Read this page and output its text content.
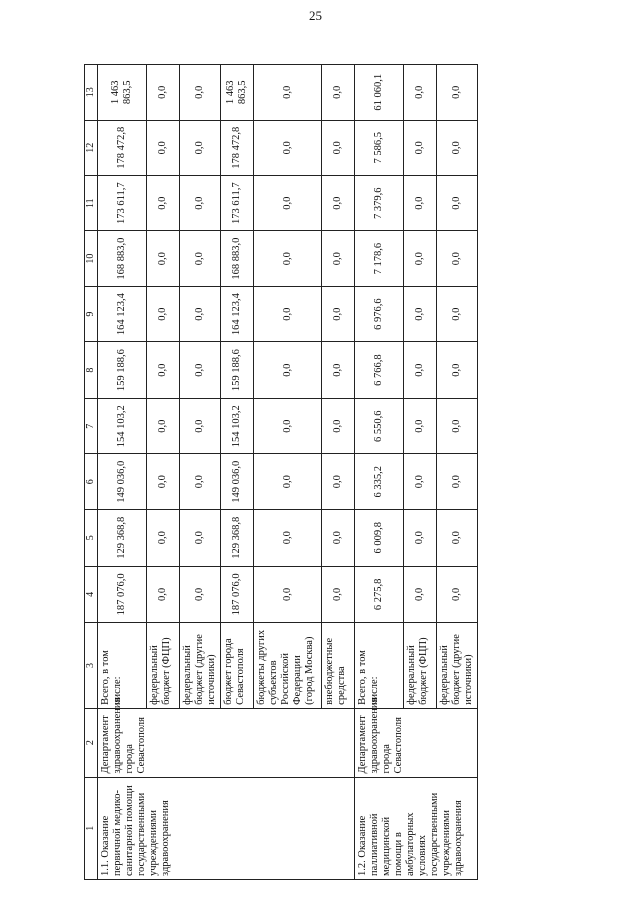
25
1	2	3	4	5	6	7	8	9	10	11	12	13
1.1. Оказание первичной медико-санитарной помощи государственными учреждениями здравоохранения	Департамент здравоохранения города Севастополя	Всего, в том числе:	187 076,0	129 368,8	149 036,0	154 103,2	159 188,6	164 123,4	168 883,0	173 611,7	178 472,8	1 463 863,5
		федеральный бюджет (ФЦП)	0,0	0,0	0,0	0,0	0,0	0,0	0,0	0,0	0,0	0,0
		федеральный бюджет (другие источники)	0,0	0,0	0,0	0,0	0,0	0,0	0,0	0,0	0,0	0,0
		бюджет города Севастополя	187 076,0	129 368,8	149 036,0	154 103,2	159 188,6	164 123,4	168 883,0	173 611,7	178 472,8	1 463 863,5
		бюджеты других субъектов Российской Федерации (город Москва)	0,0	0,0	0,0	0,0	0,0	0,0	0,0	0,0	0,0	0,0
		внебюджетные средства	0,0	0,0	0,0	0,0	0,0	0,0	0,0	0,0	0,0	0,0
1.2. Оказание паллиативной медицинской помощи в амбулаторных условиях государственными учреждениями здравоохранения	Департамент здравоохранения города Севастополя	Всего, в том числе:	6 275,8	6 009,8	6 335,2	6 550,6	6 766,8	6 976,6	7 178,6	7 379,6	7 586,5	61 060,1
		федеральный бюджет (ФЦП)	0,0	0,0	0,0	0,0	0,0	0,0	0,0	0,0	0,0	0,0
		федеральный бюджет (другие источники)	0,0	0,0	0,0	0,0	0,0	0,0	0,0	0,0	0,0	0,0
